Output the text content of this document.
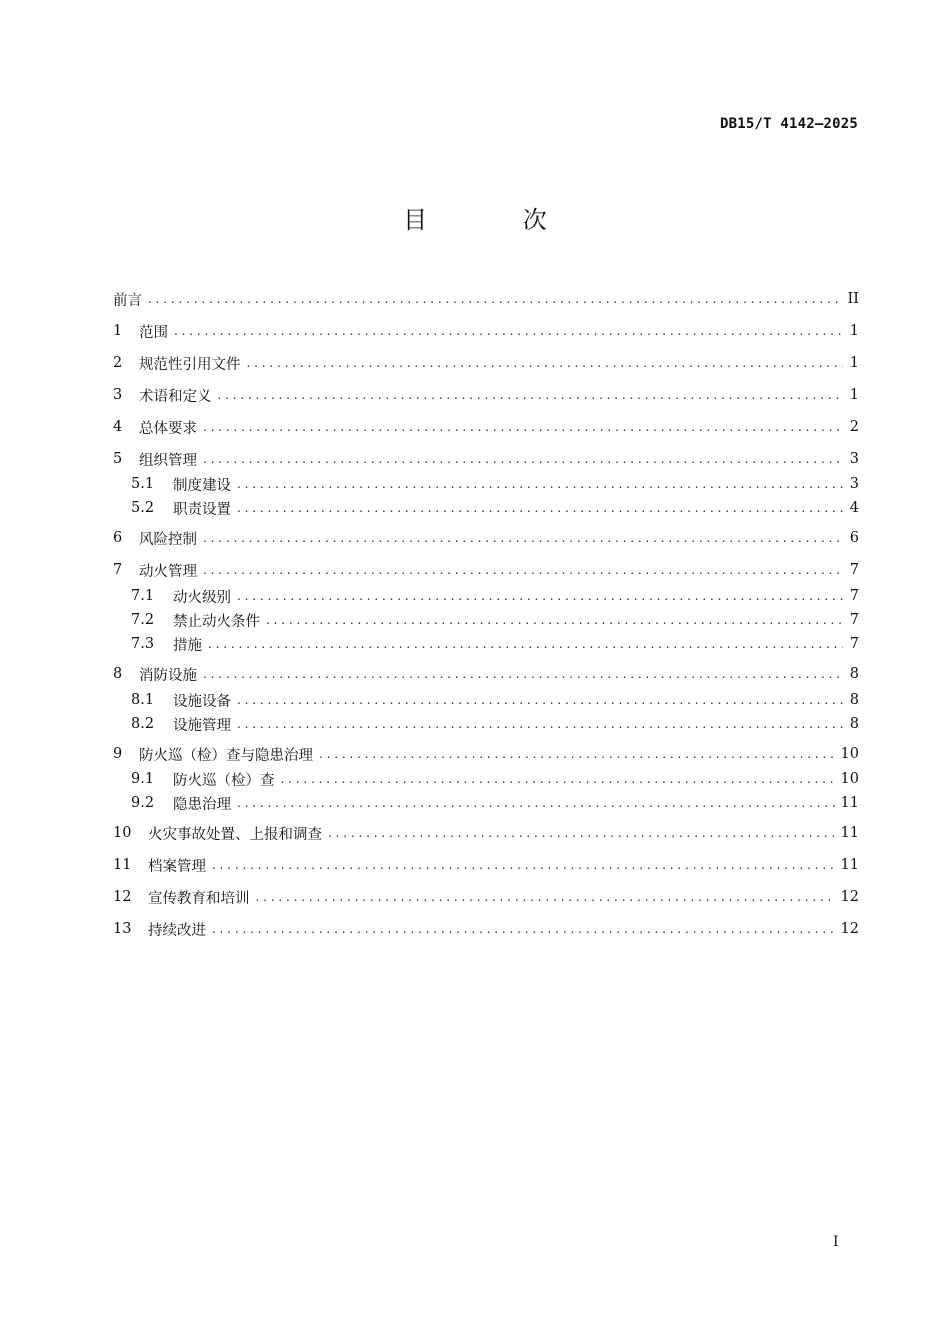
DB15/T 4142—2025
目 次
前言 . . .	II
1	范围 . . .	1
2	规范性引用文件 . . .	1
3	术语和定义 . . .	1
4	总体要求 . . .	2
5	组织管理 . . .	3
5.1	制度建设 . . .	3
5.2	职责设置 . . .	4
6	风险控制 . . .	6
7	动火管理 . . .	7
7.1	动火级别 . . .	7
7.2	禁止动火条件 . . .	7
7.3	措施 . . .	7
8	消防设施 . . .	8
8.1	设施设备 . . .	8
8.2	设施管理 . . .	8
9	防火巡（检）查与隐患治理 . . .	10
9.1	防火巡（检）查 . . .	10
9.2	隐患治理 . . .	11
10	火灾事故处置、上报和调查 . . .	11
11	档案管理 . . .	11
12	宣传教育和培训 . . .	12
13	持续改进 . . .	12
I
